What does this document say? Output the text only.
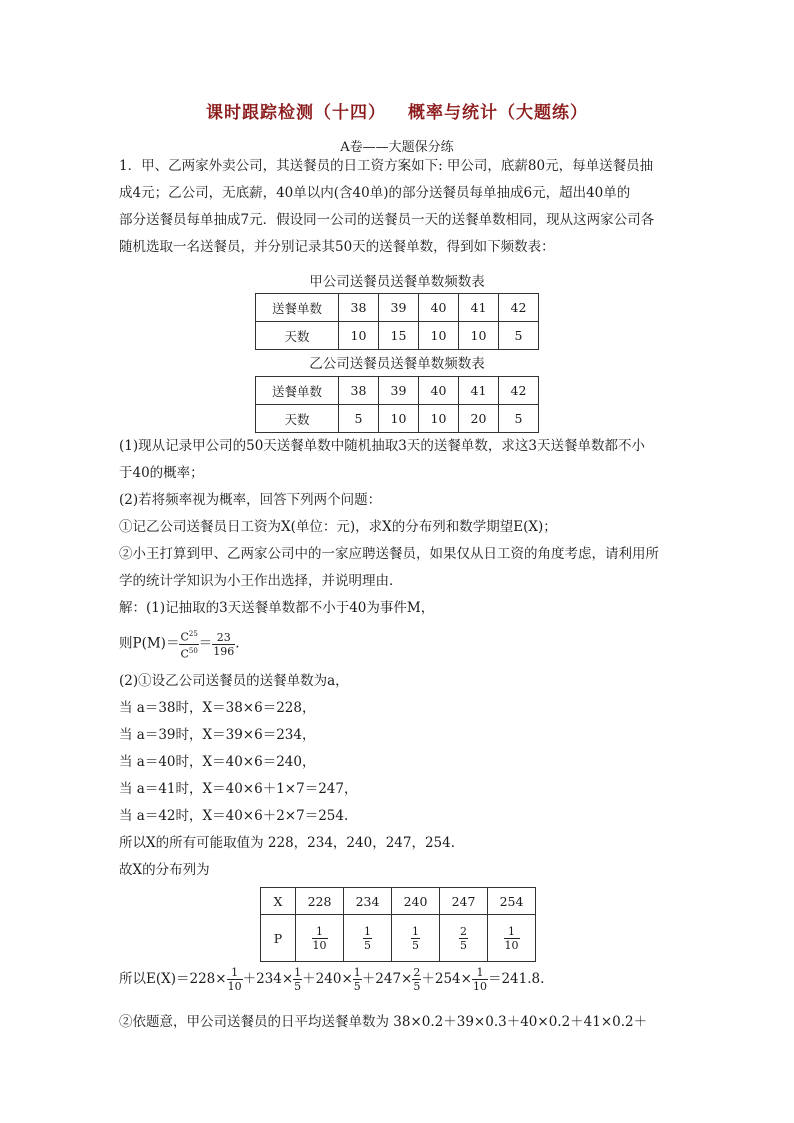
课时跟踪检测（十四） 概率与统计（大题练）
A卷——大题保分练
1．甲、乙两家外卖公司，其送餐员的日工资方案如下: 甲公司，底薪80元，每单送餐员抽
成4元；乙公司，无底薪，40单以内(含40单)的部分送餐员每单抽成6元，超出40单的
部分送餐员每单抽成7元．假设同一公司的送餐员一天的送餐单数相同，现从这两家公司各
随机选取一名送餐员，并分别记录其50天的送餐单数，得到如下频数表：
甲公司送餐员送餐单数频数表
送餐单数	38	39	40	41	42
天数	10	15	10	10	5
乙公司送餐员送餐单数频数表
送餐单数	38	39	40	41	42
天数	5	10	10	20	5
(1)现从记录甲公司的50天送餐单数中随机抽取3天的送餐单数，求这3天送餐单数都不小
于40的概率；
(2)若将频率视为概率，回答下列两个问题：
①记乙公司送餐员日工资为X(单位：元)，求X的分布列和数学期望E(X)；
②小王打算到甲、乙两家公司中的一家应聘送餐员，如果仅从日工资的角度考虑，请利用所
学的统计学知识为小王作出选择，并说明理由．
解：(1)记抽取的3天送餐单数都不小于40为事件M，
则$P(M)= \frac{C^{25}}{C^{50}} = \frac{23}{196}$ .
(2)①设乙公司送餐员的送餐单数为a，
当 a＝38时，X＝38×6＝228，
当 a＝39时，X＝39×6＝234，
当 a＝40时，X＝40×6＝240，
当 a＝41时，X＝40×6＋1×7＝247，
当 a＝42时，X＝40×6＋2×7＝254.
所以X的所有可能取值为 228，234，240，247，254.
故X的分布列为
X	228	234	240	247	254
P	$\frac{1}{10}$	$\frac{1}{5}$	$\frac{1}{5}$	$\frac{2}{5}$	$\frac{1}{10}$
所以$E(X)=228\times \frac{1}{10} +234\times \frac{1}{5} +240\times \frac{1}{5} +247\times \frac{2}{5} +254\times \frac{1}{10} =241.8$.
②依题意，甲公司送餐员的日平均送餐单数为 38×0.2＋39×0.3＋40×0.2＋41×0.2＋
